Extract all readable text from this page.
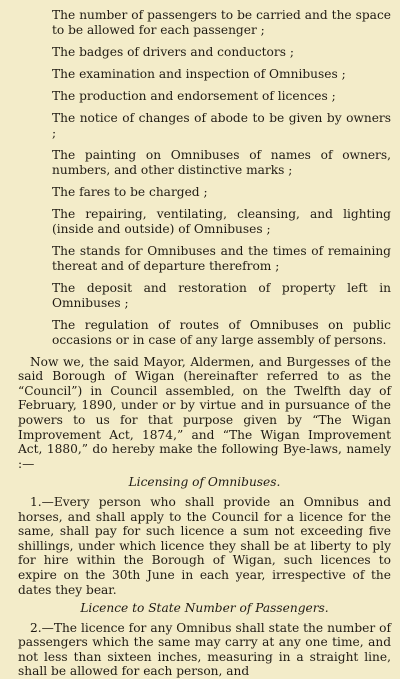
The number of passengers to be carried and the space to be allowed for each passenger ;

The badges of drivers and conductors ;

The examination and inspection of Omnibuses ;

The production and endorsement of licences ;

The notice of changes of abode to be given by owners ;

The painting on Omnibuses of names of owners, numbers, and other distinctive marks ;

The fares to be charged ;

The repairing, ventilating, cleansing, and lighting (inside and outside) of Omnibuses ;

The stands for Omnibuses and the times of remaining thereat and of departure therefrom ;

The deposit and restoration of property left in Omnibuses ;

The regulation of routes of Omnibuses on public occasions or in case of any large assembly of persons.

Now we, the said Mayor, Aldermen, and Burgesses of the said Borough of Wigan (hereinafter referred to as the “Council”) in Council assembled, on the Twelfth day of February, 1890, under or by virtue and in pursuance of the powers to us for that purpose given by “The Wigan Improvement Act, 1874,” and “The Wigan Improvement Act, 1880,” do hereby make the following Bye-laws, namely :—

Licensing of Omnibuses.

1.—Every person who shall provide an Omnibus and horses, and shall apply to the Council for a licence for the same, shall pay for such licence a sum not exceeding five shillings, under which licence they shall be at liberty to ply for hire within the Borough of Wigan, such licences to expire on the 30th June in each year, irrespective of the dates they bear.

Licence to State Number of Passengers.

2.—The licence for any Omnibus shall state the number of passengers which the same may carry at any one time, and not less than sixteen inches, measuring in a straight line, shall be allowed for each person, and
